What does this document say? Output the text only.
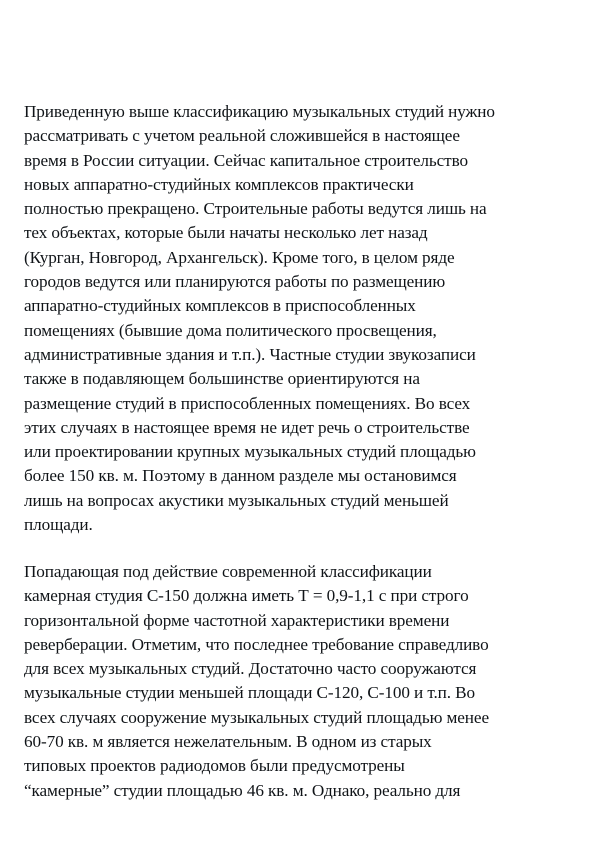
Приведенную выше классификацию музыкальных студий нужно
рассматривать с учетом реальной сложившейся в настоящее
время в России ситуации. Сейчас капитальное строительство
новых аппаратно-студийных комплексов практически
полностью прекращено. Строительные работы ведутся лишь на
тех объектах, которые были начаты несколько лет назад
(Курган, Новгород, Архангельск). Кроме того, в целом ряде
городов ведутся или планируются работы по размещению
аппаратно-студийных комплексов в приспособленных
помещениях (бывшие дома политического просвещения,
административные здания и т.п.). Частные студии звукозаписи
также в подавляющем большинстве ориентируются на
размещение студий в приспособленных помещениях. Во всех
этих случаях в настоящее время не идет речь о строительстве
или проектировании крупных музыкальных студий площадью
более 150 кв. м. Поэтому в данном разделе мы остановимся
лишь на вопросах акустики музыкальных студий меньшей
площади.
Попадающая под действие современной классификации
камерная студия С-150 должна иметь Т = 0,9-1,1 с при строго
горизонтальной форме частотной характеристики времени
реверберации. Отметим, что последнее требование справедливо
для всех музыкальных студий. Достаточно часто сооружаются
музыкальные студии меньшей площади С-120, С-100 и т.п. Во
всех случаях сооружение музыкальных студий площадью менее
60-70 кв. м является нежелательным. В одном из старых
типовых проектов радиодомов были предусмотрены
“камерные” студии площадью 46 кв. м. Однако, реально для
